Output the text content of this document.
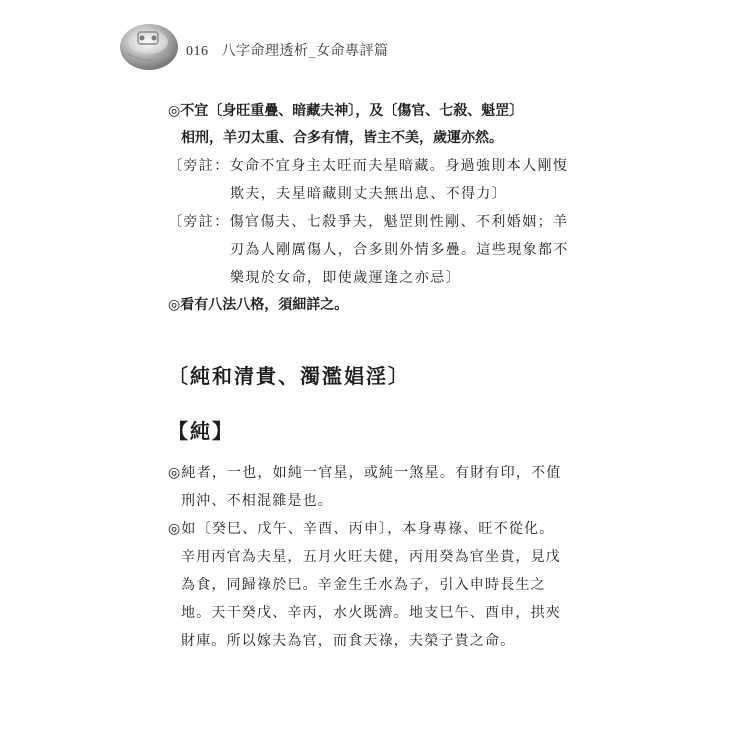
016 八字命理透析_女命專評篇
◎不宜〔身旺重疊、暗藏夫神〕，及〔傷官、七殺、魁罡〕
相刑，羊刃太重、合多有情，皆主不美，歲運亦然。
〔旁註：女命不宜身主太旺而夫星暗藏。身過強則本人剛愎
欺夫，夫星暗藏則丈夫無出息、不得力〕
〔旁註：傷官傷夫、七殺爭夫，魁罡則性剛、不利婚姻；羊
刃為人剛厲傷人，合多則外情多疊。這些現象都不
樂現於女命，即使歲運逢之亦忌〕
◎看有八法八格，須細詳之。
〔純和清貴、濁濫娼淫〕
【純】
◎純者，一也，如純一官星，或純一煞星。有財有印，不值
刑沖、不相混雜是也。
◎如〔癸巳、戊午、辛酉、丙申〕，本身專祿、旺不從化。
辛用丙官為夫星，五月火旺夫健，丙用癸為官坐貴，見戊
為食，同歸祿於巳。辛金生壬水為子，引入申時長生之
地。天干癸戊、辛丙，水火既濟。地支巳午、酉申，拱夾
財庫。所以嫁夫為官，而食天祿，夫榮子貴之命。
